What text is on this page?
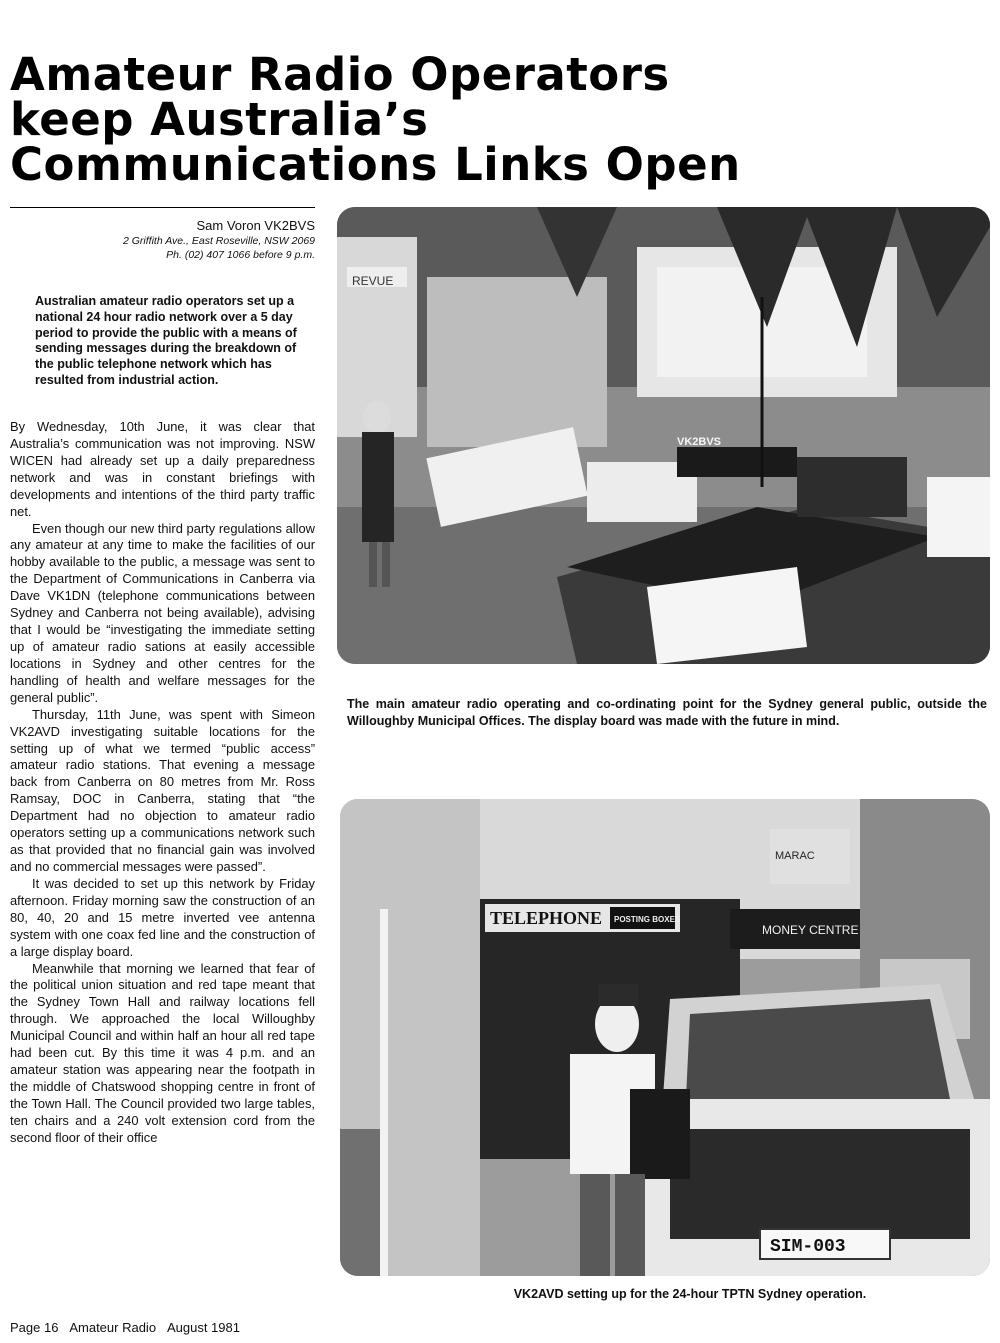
Amateur Radio Operators
keep Australia’s
Communications Links Open
Sam Voron VK2BVS
2 Griffith Ave., East Roseville, NSW 2069
Ph. (02) 407 1066 before 9 p.m.

Australian amateur radio operators set up a national 24 hour radio network over a 5 day period to provide the public with a means of sending messages during the breakdown of the public telephone network which has resulted from industrial action.

By Wednesday, 10th June, it was clear that Australia’s communication was not improving. NSW WICEN had already set up a daily preparedness network and was in constant briefings with developments and intentions of the third party traffic net.

Even though our new third party regulations allow any amateur at any time to make the facilities of our hobby available to the public, a message was sent to the Department of Communications in Canberra via Dave VK1DN (telephone communications between Sydney and Canberra not being available), advising that I would be “investigating the immediate setting up of amateur radio sations at easily accessible locations in Sydney and other centres for the handling of health and welfare messages for the general public”.

Thursday, 11th June, was spent with Simeon VK2AVD investigating suitable locations for the setting up of what we termed “public access” amateur radio stations. That evening a message back from Canberra on 80 metres from Mr. Ross Ramsay, DOC in Canberra, stating that “the Department had no objection to amateur radio operators setting up a communications network such as that provided that no financial gain was involved and no commercial messages were passed”.

It was decided to set up this network by Friday afternoon. Friday morning saw the construction of an 80, 40, 20 and 15 metre inverted vee antenna system with one coax fed line and the construction of a large display board.

Meanwhile that morning we learned that fear of the political union situation and red tape meant that the Sydney Town Hall and railway locations fell through. We approached the local Willoughby Municipal Council and within half an hour all red tape had been cut. By this time it was 4 p.m. and an amateur station was appearing near the footpath in the middle of Chatswood shopping centre in front of the Town Hall. The Council provided two large tables, ten chairs and a 240 volt extension cord from the second floor of their office

REVUE
VK2BVS
The main amateur radio operating and co-ordinating point for the Sydney general public, outside the Willoughby Municipal Offices. The display board was made with the future in mind.
TELEPHONE POSTING BOXES
MONEY CENTRE
MARAC
SIM-003
VK2AVD setting up for the 24-hour TPTN Sydney operation.
Page 16 Amateur Radio August 1981
